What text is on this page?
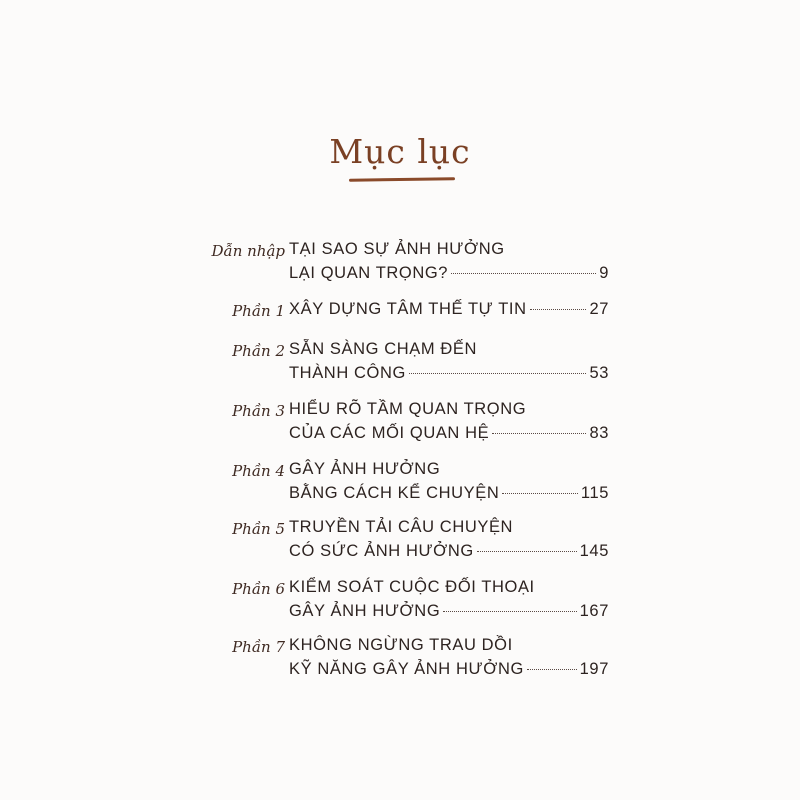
Mục lục
Dẫn nhập TẠI SAO SỰ ẢNH HƯỞNG
LẠI QUAN TRỌNG?	9
Phần 1 XÂY DỰNG TÂM THẾ TỰ TIN	27
Phần 2 SẴN SÀNG CHẠM ĐẾN
THÀNH CÔNG	53
Phần 3 HIỂU RÕ TẦM QUAN TRỌNG
CỦA CÁC MỐI QUAN HỆ	83
Phần 4 GÂY ẢNH HƯỞNG
BẰNG CÁCH KỂ CHUYỆN	115
Phần 5 TRUYỀN TẢI CÂU CHUYỆN
CÓ SỨC ẢNH HƯỞNG	145
Phần 6 KIỂM SOÁT CUỘC ĐỐI THOẠI
GÂY ẢNH HƯỞNG	167
Phần 7 KHÔNG NGỪNG TRAU DỒI
KỸ NĂNG GÂY ẢNH HƯỞNG	197
